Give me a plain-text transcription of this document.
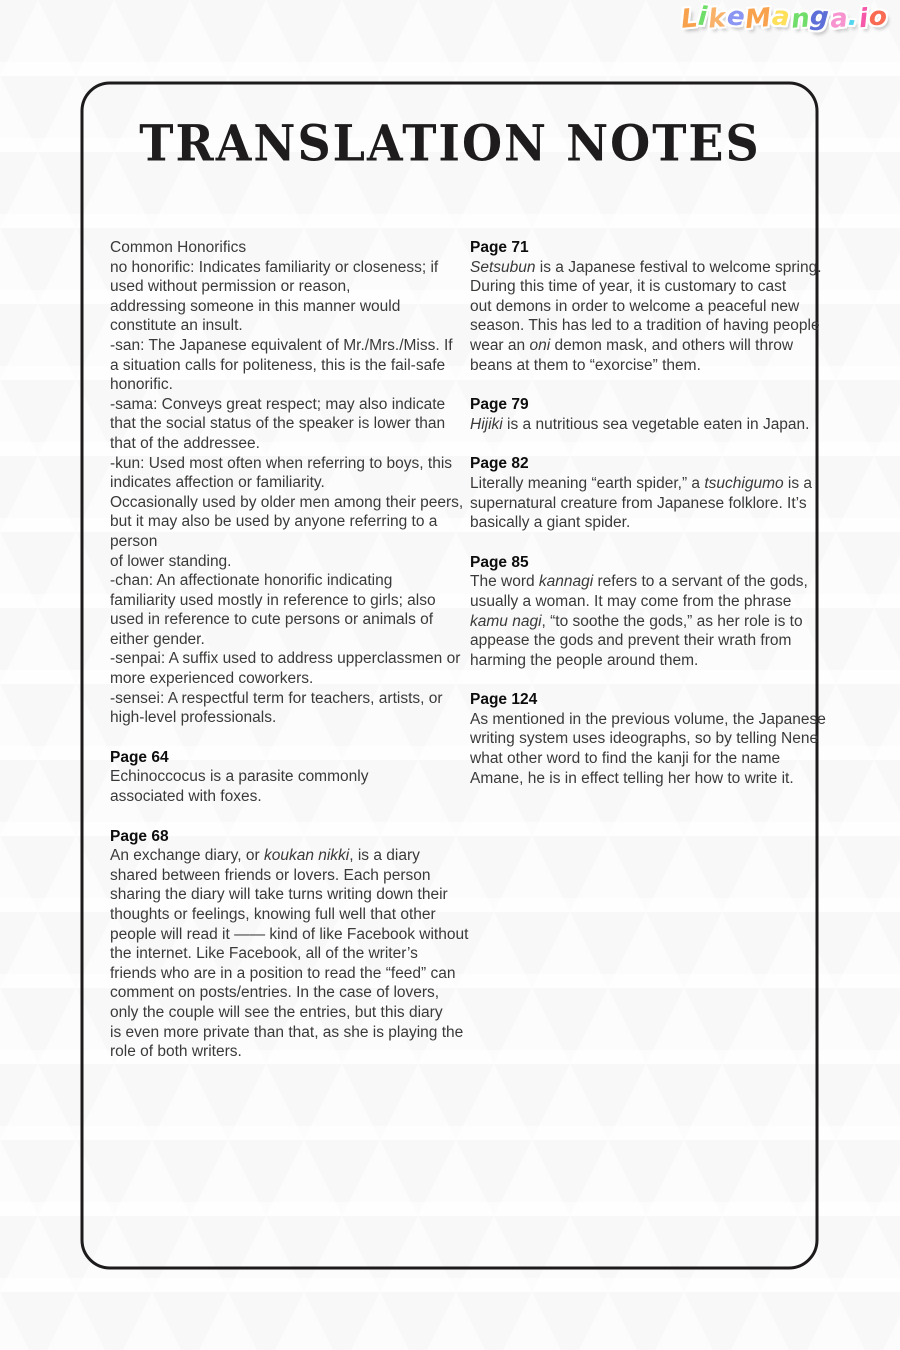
LikeManga.io
TRANSLATION NOTES
Common Honorifics
no honorific: Indicates familiarity or closeness; if
used without permission or reason,
addressing someone in this manner would
constitute an insult.
-san: The Japanese equivalent of Mr./Mrs./Miss. If
a situation calls for politeness, this is the fail-safe
honorific.
-sama: Conveys great respect; may also indicate
that the social status of the speaker is lower than
that of the addressee.
-kun: Used most often when referring to boys, this
indicates affection or familiarity.
Occasionally used by older men among their peers,
but it may also be used by anyone referring to a
person
of lower standing.
-chan: An affectionate honorific indicating
familiarity used mostly in reference to girls; also
used in reference to cute persons or animals of
either gender.
-senpai: A suffix used to address upperclassmen or
more experienced coworkers.
-sensei: A respectful term for teachers, artists, or
high-level professionals.
Page 64
Echinoccocus is a parasite commonly
associated with foxes.
Page 68
An exchange diary, or koukan nikki, is a diary
shared between friends or lovers. Each person
sharing the diary will take turns writing down their
thoughts or feelings, knowing full well that other
people will read it —— kind of like Facebook without
the internet. Like Facebook, all of the writer’s
friends who are in a position to read the “feed” can
comment on posts/entries. In the case of lovers,
only the couple will see the entries, but this diary
is even more private than that, as she is playing the
role of both writers.
Page 71
Setsubun is a Japanese festival to welcome spring.
During this time of year, it is customary to cast
out demons in order to welcome a peaceful new
season. This has led to a tradition of having people
wear an oni demon mask, and others will throw
beans at them to “exorcise” them.
Page 79
Hijiki is a nutritious sea vegetable eaten in Japan.
Page 82
Literally meaning “earth spider,” a tsuchigumo is a
supernatural creature from Japanese folklore. It’s
basically a giant spider.
Page 85
The word kannagi refers to a servant of the gods,
usually a woman. It may come from the phrase
kamu nagi, “to soothe the gods,” as her role is to
appease the gods and prevent their wrath from
harming the people around them.
Page 124
As mentioned in the previous volume, the Japanese
writing system uses ideographs, so by telling Nene
what other word to find the kanji for the name
Amane, he is in effect telling her how to write it.
